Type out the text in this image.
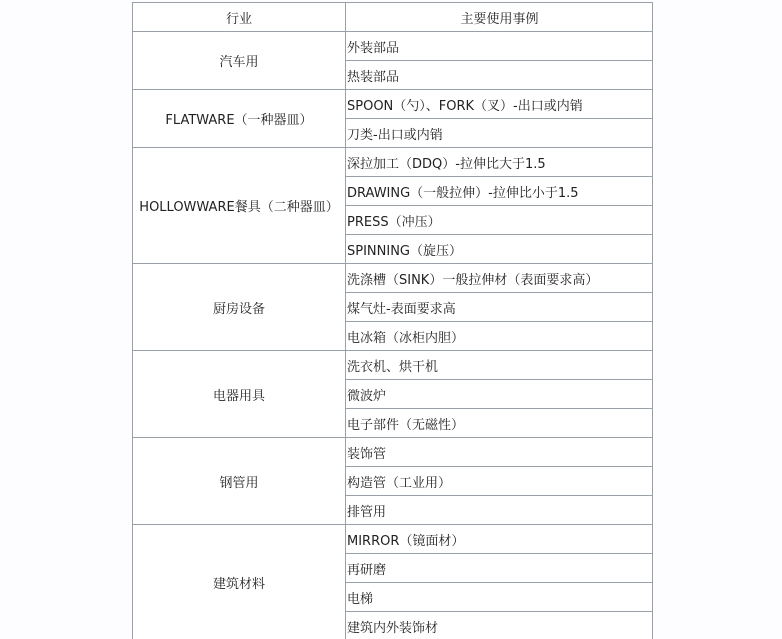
行业	主要使用事例
汽车用	外装部品
	热装部品
FLATWARE（一种器皿）	SPOON（勺）、FORK（叉）-出口或内销
	刀类-出口或内销
HOLLOWWARE餐具（二种器皿）	深拉加工（DDQ）-拉伸比大于1.5
	DRAWING（一般拉伸）-拉伸比小于1.5
	PRESS（冲压）
	SPINNING（旋压）
厨房设备	洗涤槽（SINK）一般拉伸材（表面要求高）
	煤气灶-表面要求高
	电冰箱（冰柜内胆）
电器用具	洗衣机、烘干机
	微波炉
	电子部件（无磁性）
钢管用	装饰管
	构造管（工业用）
	排管用
建筑材料	MIRROR（镜面材）
	再研磨
	电梯
	建筑内外装饰材
